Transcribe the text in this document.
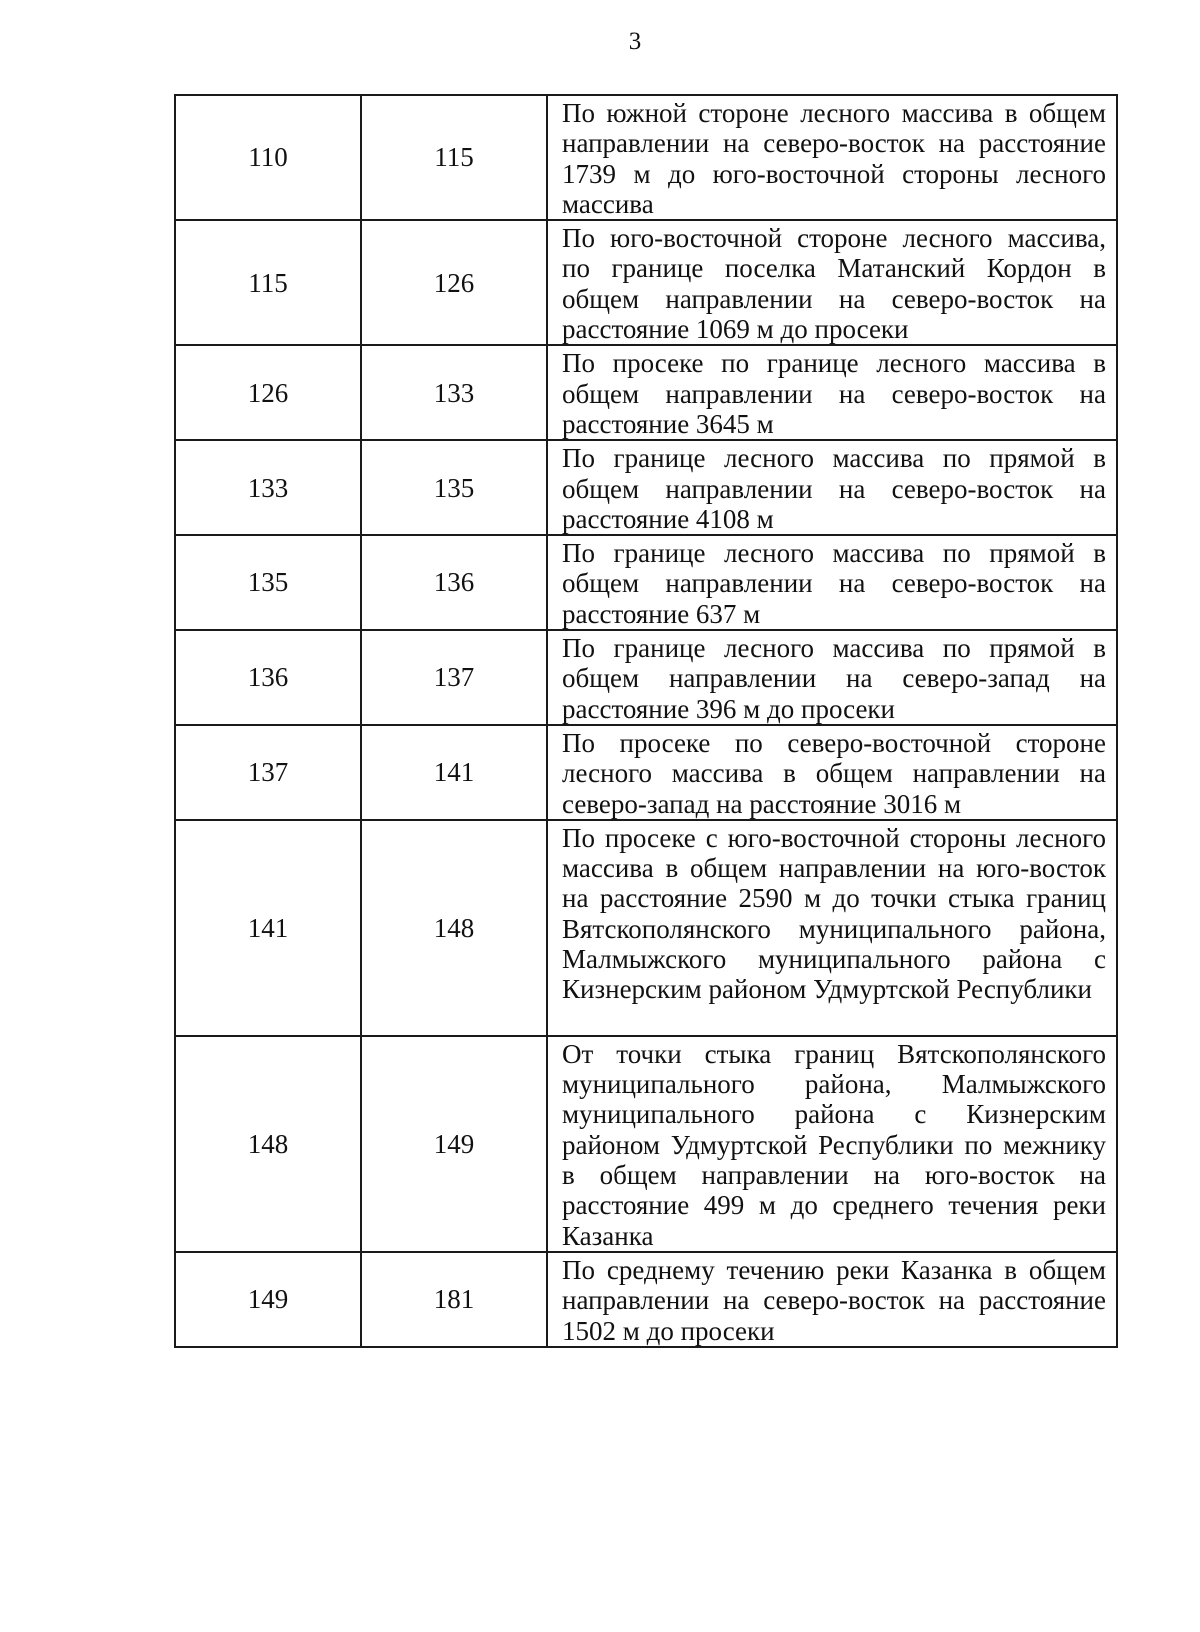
3
110	115	По южной стороне лесного массива в общем направлении на северо-восток на расстояние 1739 м до юго-восточной стороны лесного массива
115	126	По юго-восточной стороне лесного массива, по границе поселка Матанский Кордон в общем направлении на северо-восток на расстояние 1069 м до просеки
126	133	По просеке по границе лесного массива в общем направлении на северо-восток на расстояние 3645 м
133	135	По границе лесного массива по прямой в общем направлении на северо-восток на расстояние 4108 м
135	136	По границе лесного массива по прямой в общем направлении на северо-восток на расстояние 637 м
136	137	По границе лесного массива по прямой в общем направлении на северо-запад на расстояние 396 м до просеки
137	141	По просеке по северо-восточной стороне лесного массива в общем направлении на северо-запад на расстояние 3016 м
141	148	По просеке с юго-восточной стороны лесного массива в общем направлении на юго-восток на расстояние 2590 м до точки стыка границ Вятскополянского муниципального района, Малмыжского муниципального района с Кизнерским районом Удмуртской Республики
148	149	От точки стыка границ Вятскополянского муниципального района, Малмыжского муниципального района с Кизнерским районом Удмуртской Республики по межнику в общем направлении на юго-восток на расстояние 499 м до среднего течения реки Казанка
149	181	По среднему течению реки Казанка в общем направлении на северо-восток на расстояние 1502 м до просеки
